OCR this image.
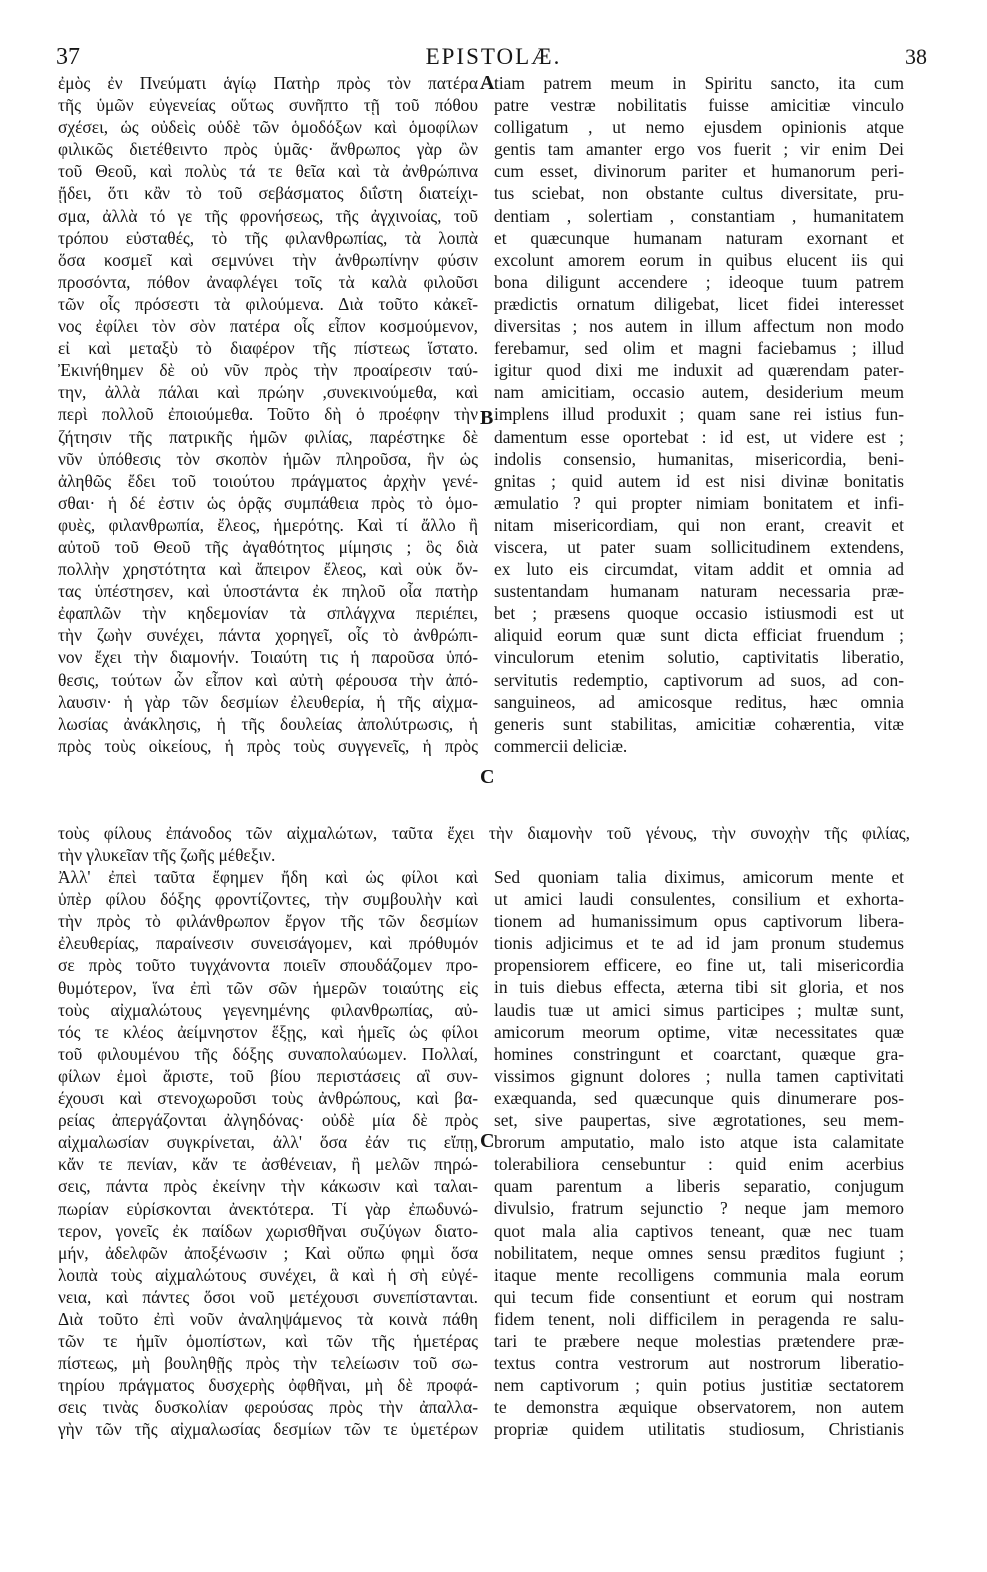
37	EPISTOLÆ.	38
A
B
C
C
ἐμὸς ἐν Πνεύματι ἁγίῳ Πατὴρ πρὸς τὸν πατέρα
τῆς ὑμῶν εὐγενείας οὕτως συνῆπτο τῇ τοῦ πόθου
σχέσει, ὡς οὐδεὶς οὐδὲ τῶν ὁμοδόξων καὶ ὁμοφίλων
φιλικῶς διετέθειντο πρὸς ὑμᾶς· ἄνθρωπος γὰρ ὢν
τοῦ Θεοῦ, καὶ πολὺς τά τε θεῖα καὶ τὰ ἀνθρώπινα
ᾔδει, ὅτι κἂν τὸ τοῦ σεβάσματος διΐστη διατείχι-
σμα, ἀλλὰ τό γε τῆς φρονήσεως, τῆς ἀγχινοίας, τοῦ
τρόπου εὐσταθές, τὸ τῆς φιλανθρωπίας, τὰ λοιπὰ
ὅσα κοσμεῖ καὶ σεμνύνει τὴν ἀνθρωπίνην φύσιν
προσόντα, πόθον ἀναφλέγει τοῖς τὰ καλὰ φιλοῦσι
τῶν οἷς πρόσεστι τὰ φιλούμενα. Διὰ τοῦτο κἀκεῖ-
νος ἐφίλει τὸν σὸν πατέρα οἷς εἶπον κοσμούμενον,
εἰ καὶ μεταξὺ τὸ διαφέρον τῆς πίστεως ἵστατο.
Ἐκινήθημεν δὲ οὐ νῦν πρὸς τὴν προαίρεσιν ταύ-
την, ἀλλὰ πάλαι καὶ πρώην ,συνεκινούμεθα, καὶ
περὶ πολλοῦ ἐποιούμεθα. Τοῦτο δὴ ὁ προέφην τὴν
ζήτησιν τῆς πατρικῆς ἡμῶν φιλίας, παρέστηκε δὲ
νῦν ὑπόθεσις τὸν σκοπὸν ἡμῶν πληροῦσα, ἣν ὡς
ἀληθῶς ἔδει τοῦ τοιούτου πράγματος ἀρχὴν γενέ-
σθαι· ἡ δέ ἐστιν ὡς ὁρᾷς συμπάθεια πρὸς τὸ ὁμο-
φυὲς, φιλανθρωπία, ἔλεος, ἡμερότης. Καὶ τί ἄλλο ἢ
αὐτοῦ τοῦ Θεοῦ τῆς ἀγαθότητος μίμησις ; ὃς διὰ
πολλὴν χρηστότητα καὶ ἄπειρον ἔλεος, καὶ οὐκ ὄν-
τας ὑπέστησεν, καὶ ὑποστάντα ἐκ πηλοῦ οἷα πατὴρ
ἐφαπλῶν τὴν κηδεμονίαν τὰ σπλάγχνα περιέπει,
τὴν ζωὴν συνέχει, πάντα χορηγεῖ, οἷς τὸ ἀνθρώπι-
νον ἔχει τὴν διαμονήν. Τοιαύτη τις ἡ παροῦσα ὑπό-
θεσις, τούτων ὧν εἶπον καὶ αὐτὴ φέρουσα τὴν ἀπό-
λαυσιν· ἡ γὰρ τῶν δεσμίων ἐλευθερία, ἡ τῆς αἰχμα-
λωσίας ἀνάκλησις, ἡ τῆς δουλείας ἀπολύτρωσις, ἡ
πρὸς τοὺς οἰκείους, ἡ πρὸς τοὺς συγγενεῖς, ἡ πρὸς
tiam patrem meum in Spiritu sancto, ita cum
patre vestræ nobilitatis fuisse amicitiæ vinculo
colligatum , ut nemo ejusdem opinionis atque
gentis tam amanter ergo vos fuerit ; vir enim Dei
cum esset, divinorum pariter et humanorum peri-
tus sciebat, non obstante cultus diversitate, pru-
dentiam , solertiam , constantiam , humanitatem
et quæcunque humanam naturam exornant et
excolunt amorem eorum in quibus elucent iis qui
bona diligunt accendere ; ideoque tuum patrem
prædictis ornatum diligebat, licet fidei interesset
diversitas ; nos autem in illum affectum non modo
ferebamur, sed olim et magni faciebamus ; illud
igitur quod dixi me induxit ad quærendam pater-
nam amicitiam, occasio autem, desiderium meum
implens illud produxit ; quam sane rei istius fun-
damentum esse oportebat : id est, ut videre est ;
indolis consensio, humanitas, misericordia, beni-
gnitas ; quid autem id est nisi divinæ bonitatis
æmulatio ? qui propter nimiam bonitatem et infi-
nitam misericordiam, qui non erant, creavit et
viscera, ut pater suam sollicitudinem extendens,
ex luto eis circumdat, vitam addit et omnia ad
sustentandam humanam naturam necessaria præ-
bet ; præsens quoque occasio istiusmodi est ut
aliquid eorum quæ sunt dicta efficiat fruendum ;
vinculorum etenim solutio, captivitatis liberatio,
servitutis redemptio, captivorum ad suos, ad con-
sanguineos, ad amicosque reditus, hæc omnia
generis sunt stabilitas, amicitiæ cohærentia, vitæ
commercii deliciæ.
τοὺς φίλους ἐπάνοδος τῶν αἰχμαλώτων, ταῦτα ἔχει τὴν διαμονὴν τοῦ γένους, τὴν συνοχὴν τῆς φιλίας,
τὴν γλυκεῖαν τῆς ζωῆς μέθεξιν.
Ἀλλ' ἐπεὶ ταῦτα ἔφημεν ἤδη καὶ ὡς φίλοι καὶ
ὑπὲρ φίλου δόξης φροντίζοντες, τὴν συμβουλὴν καὶ
τὴν πρὸς τὸ φιλάνθρωπον ἔργον τῆς τῶν δεσμίων
ἐλευθερίας, παραίνεσιν συνεισάγομεν, καὶ πρόθυμόν
σε πρὸς τοῦτο τυγχάνοντα ποιεῖν σπουδάζομεν προ-
θυμότερον, ἵνα ἐπὶ τῶν σῶν ἡμερῶν τοιαύτης εἰς
τοὺς αἰχμαλώτους γεγενημένης φιλανθρωπίας, αὐ-
τός τε κλέος ἀείμνηστον ἕξῃς, καὶ ἡμεῖς ὡς φίλοι
τοῦ φιλουμένου τῆς δόξης συναπολαύωμεν. Πολλαί,
φίλων ἐμοὶ ἄριστε, τοῦ βίου περιστάσεις αἳ συν-
έχουσι καὶ στενοχωροῦσι τοὺς ἀνθρώπους, καὶ βα-
ρείας ἀπεργάζονται ἀλγηδόνας· οὐδὲ μία δὲ πρὸς
αἰχμαλωσίαν συγκρίνεται, ἀλλ' ὅσα ἐάν τις εἴπῃ,
κἄν τε πενίαν, κἄν τε ἀσθένειαν, ἢ μελῶν πηρώ-
σεις, πάντα πρὸς ἐκείνην τὴν κάκωσιν καὶ ταλαι-
πωρίαν εὑρίσκονται ἀνεκτότερα. Τί γὰρ ἐπωδυνώ-
τερον, γονεῖς ἐκ παίδων χωρισθῆναι συζύγων διατο-
μήν, ἀδελφῶν ἀποξένωσιν ; Καὶ οὔπω φημὶ ὅσα
λοιπὰ τοὺς αἰχμαλώτους συνέχει, ἃ καὶ ἡ σὴ εὐγέ-
νεια, καὶ πάντες ὅσοι νοῦ μετέχουσι συνεπίστανται.
Διὰ τοῦτο ἐπὶ νοῦν ἀναληψάμενος τὰ κοινὰ πάθη
τῶν τε ἡμῖν ὁμοπίστων, καὶ τῶν τῆς ἡμετέρας
πίστεως, μὴ βουληθῇς πρὸς τὴν τελείωσιν τοῦ σω-
τηρίου πράγματος δυσχερὴς ὀφθῆναι, μὴ δὲ προφά-
σεις τινὰς δυσκολίαν φερούσας πρὸς τὴν ἀπαλλα-
γὴν τῶν τῆς αἰχμαλωσίας δεσμίων τῶν τε ὑμετέρων
Sed quoniam talia diximus, amicorum mente et
ut amici laudi consulentes, consilium et exhorta-
tionem ad humanissimum opus captivorum libera-
tionis adjicimus et te ad id jam pronum studemus
propensiorem efficere, eo fine ut, tali misericordia
in tuis diebus effecta, æterna tibi sit gloria, et nos
laudis tuæ ut amici simus participes ; multæ sunt,
amicorum meorum optime, vitæ necessitates quæ
homines constringunt et coarctant, quæque gra-
vissimos gignunt dolores ; nulla tamen captivitati
exæquanda, sed quæcunque quis dinumerare pos-
set, sive paupertas, sive ægrotationes, seu mem-
brorum amputatio, malo isto atque ista calamitate
tolerabiliora censebuntur : quid enim acerbius
quam parentum a liberis separatio, conjugum
divulsio, fratrum sejunctio ? neque jam memoro
quot mala alia captivos teneant, quæ nec tuam
nobilitatem, neque omnes sensu præditos fugiunt ;
itaque mente recolligens communia mala eorum
qui tecum fide consentiunt et eorum qui nostram
fidem tenent, noli difficilem in peragenda re salu-
tari te præbere neque molestias prætendere præ-
textus contra vestrorum aut nostrorum liberatio-
nem captivorum ; quin potius justitiæ sectatorem
te demonstra æquique observatorem, non autem
propriæ quidem utilitatis studiosum, Christianis
